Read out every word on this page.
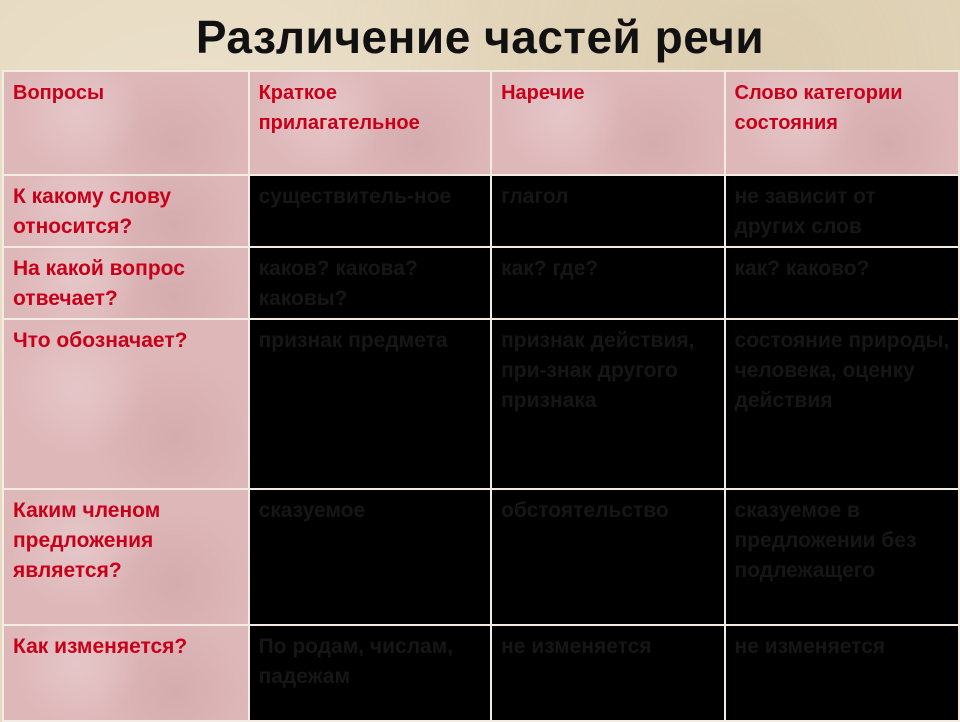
Различение частей речи
Вопросы	Краткое прилагательное	Наречие	Слово категории состояния
К какому слову относится?	существитель-ное	глагол	не зависит от других слов
На какой вопрос отвечает?	каков? какова? каковы?	как? где?	как? каково?
Что обозначает?	признак предмета	признак действия, при-знак другого признака	состояние природы, человека, оценку действия
Каким членом предложения является?	сказуемое	обстоятельство	сказуемое в предложении без подлежащего
Как изменяется?	По родам, числам, падежам	не изменяется	не изменяется
